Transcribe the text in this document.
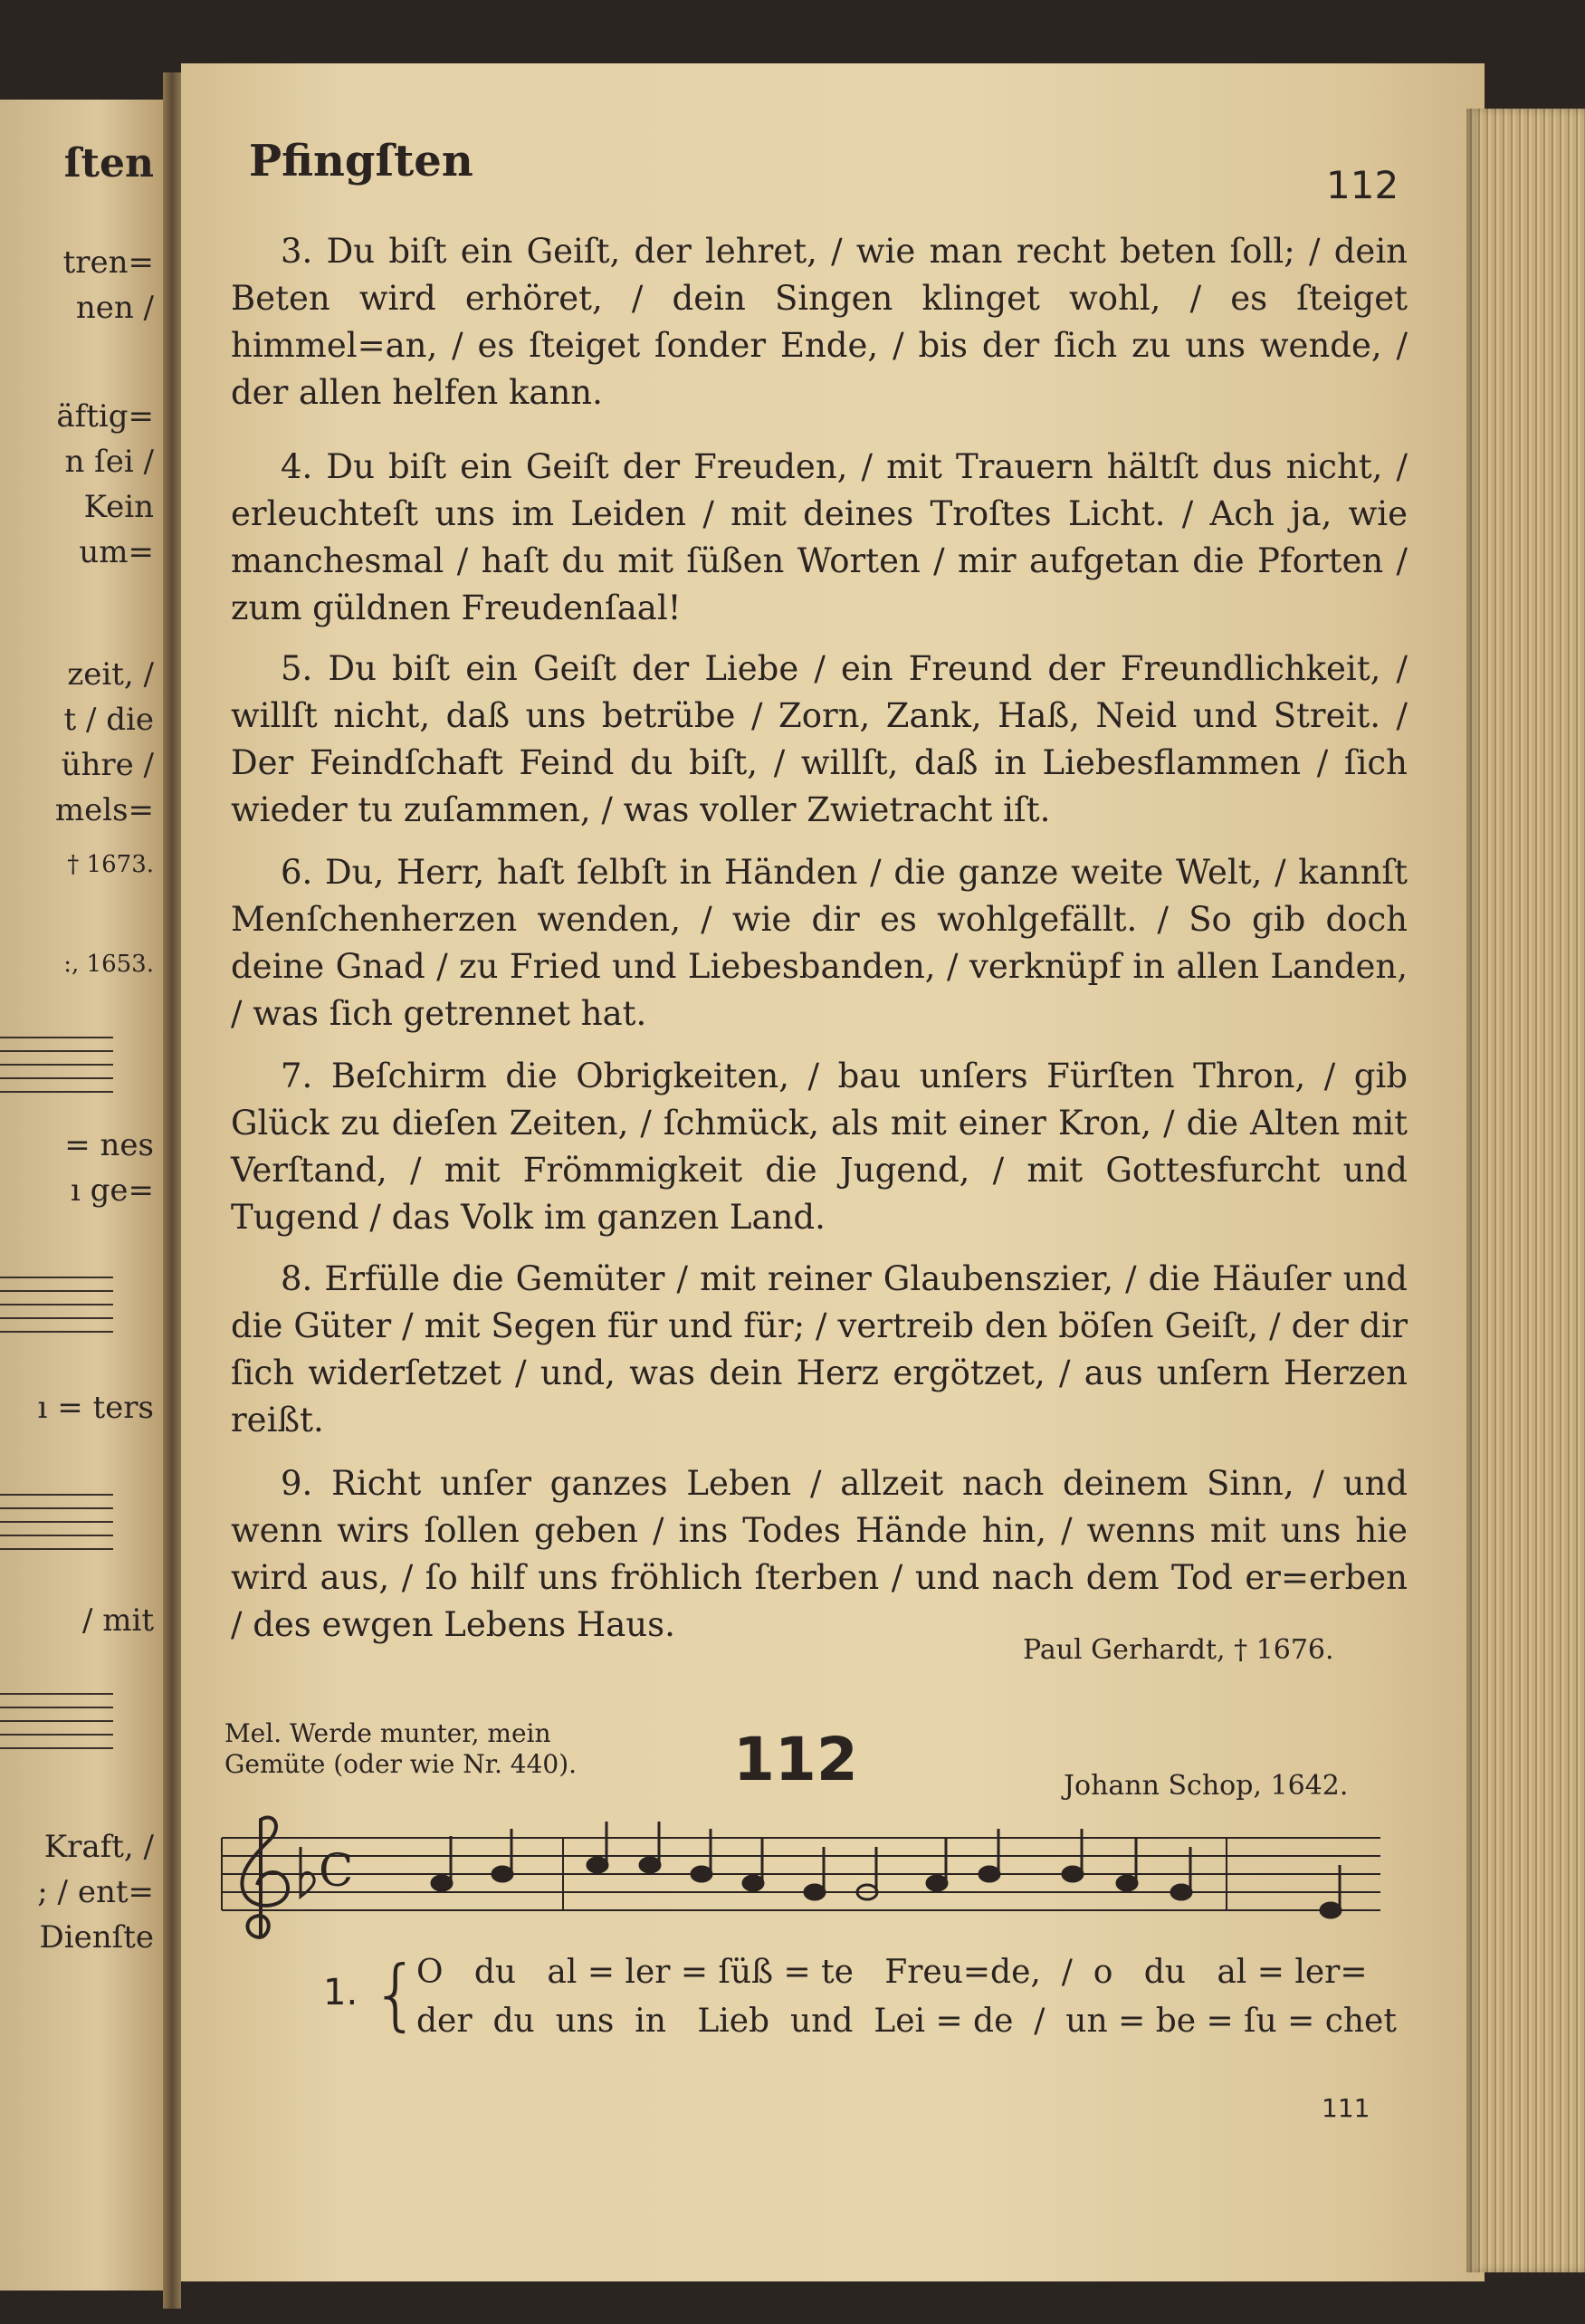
ſten
tren=
nen /
äftig=
n ſei /
Kein
um=
zeit, /
t / die
ühre /
mels=
† 1673.
:, 1653.
= nes
ı ge=
ı = ters
/ mit
Kraft, /
; / ent=
Dienſte
Pfingſten	112
3. Du biſt ein Geiſt, der lehret, / wie man recht beten ſoll; / dein Beten wird erhöret, / dein Singen klinget wohl, / es ſteiget himmel=an, / es ſteiget ſonder Ende, / bis der ſich zu uns wende, / der allen helfen kann.
4. Du biſt ein Geiſt der Freuden, / mit Trauern hältſt dus nicht, / erleuchteſt uns im Leiden / mit deines Troſtes Licht. / Ach ja, wie manchesmal / haſt du mit ſüßen Worten / mir aufgetan die Pforten / zum güldnen Freudenſaal!
5. Du biſt ein Geiſt der Liebe / ein Freund der Freundlichkeit, / willſt nicht, daß uns betrübe / Zorn, Zank, Haß, Neid und Streit. / Der Feindſchaft Feind du biſt, / willſt, daß in Liebesflammen / ſich wieder tu zuſammen, / was voller Zwietracht iſt.
6. Du, Herr, haſt ſelbſt in Händen / die ganze weite Welt, / kannſt Menſchenherzen wenden, / wie dir es wohlgefällt. / So gib doch deine Gnad / zu Fried und Liebesbanden, / verknüpf in allen Landen, / was ſich getrennet hat.
7. Beſchirm die Obrigkeiten, / bau unſers Fürſten Thron, / gib Glück zu dieſen Zeiten, / ſchmück, als mit einer Kron, / die Alten mit Verſtand, / mit Frömmigkeit die Jugend, / mit Gottesfurcht und Tugend / das Volk im ganzen Land.
8. Erfülle die Gemüter / mit reiner Glaubenszier, / die Häuſer und die Güter / mit Segen für und für; / vertreib den böſen Geiſt, / der dir ſich widerſetzet / und, was dein Herz ergötzet, / aus unſern Herzen reißt.
9. Richt unſer ganzes Leben / allzeit nach deinem Sinn, / und wenn wirs ſollen geben / ins Todes Hände hin, / wenns mit uns hie wird aus, / ſo hilf uns fröhlich ſterben / und nach dem Tod er=erben / des ewgen Lebens Haus.
Paul Gerhardt, † 1676.
Mel. Werde munter, mein
Gemüte (oder wie Nr. 440).	112	Johann Schop, 1642.
C
1. {
O   du   al = ler = ſüß = te   Freu=de,  /  o   du   al = ler=
der  du  uns  in   Lieb  und  Lei = de  /  un = be = ſu = chet
111
